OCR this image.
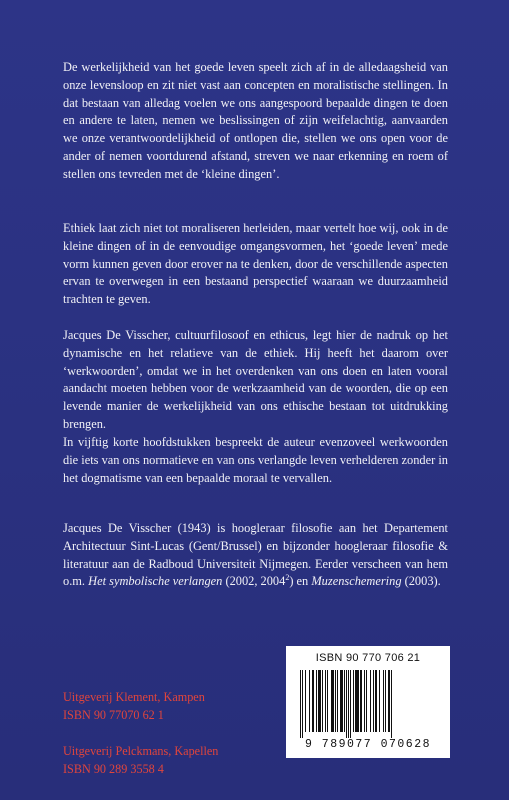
De werkelijkheid van het goede leven speelt zich af in de alledaagsheid van onze levensloop en zit niet vast aan concepten en moralistische stellingen. In dat bestaan van alledag voelen we ons aangespoord bepaalde dingen te doen en andere te laten, nemen we beslissingen of zijn weifelachtig, aanvaarden we onze verantwoordelijkheid of ontlopen die, stellen we ons open voor de ander of nemen voortdurend afstand, streven we naar erkenning en roem of stellen ons tevreden met de ‘kleine dingen’.

Ethiek laat zich niet tot moraliseren herleiden, maar vertelt hoe wij, ook in de kleine dingen of in de eenvoudige omgangsvormen, het ‘goede leven’ mede vorm kunnen geven door erover na te denken, door de verschillende aspecten ervan te overwegen in een bestaand perspectief waaraan we duurzaamheid trachten te geven.

Jacques De Visscher, cultuurfilosoof en ethicus, legt hier de nadruk op het dynamische en het relatieve van de ethiek. Hij heeft het daarom over ‘werkwoorden’, omdat we in het overdenken van ons doen en laten vooral aandacht moeten hebben voor de werkzaamheid van de woorden, die op een levende manier de werkelijkheid van ons ethische bestaan tot uitdrukking brengen.

In vijftig korte hoofdstukken bespreekt de auteur evenzoveel werkwoorden die iets van ons normatieve en van ons verlangde leven verhelderen zonder in het dogmatisme van een bepaalde moraal te vervallen.

Jacques De Visscher (1943) is hoogleraar filosofie aan het Departement Architectuur Sint-Lucas (Gent/Brussel) en bijzonder hoogleraar filosofie & literatuur aan de Radboud Universiteit Nijmegen. Eerder verscheen van hem o.m. Het symbolische verlangen (2002, 2004$^2$) en Muzenschemering (2003).

Uitgeverij Klement, Kampen
ISBN 90 77070 62 1
Uitgeverij Pelckmans, Kapellen
ISBN 90 289 3558 4
ISBN 90 770 706 21
9 789077 070628
